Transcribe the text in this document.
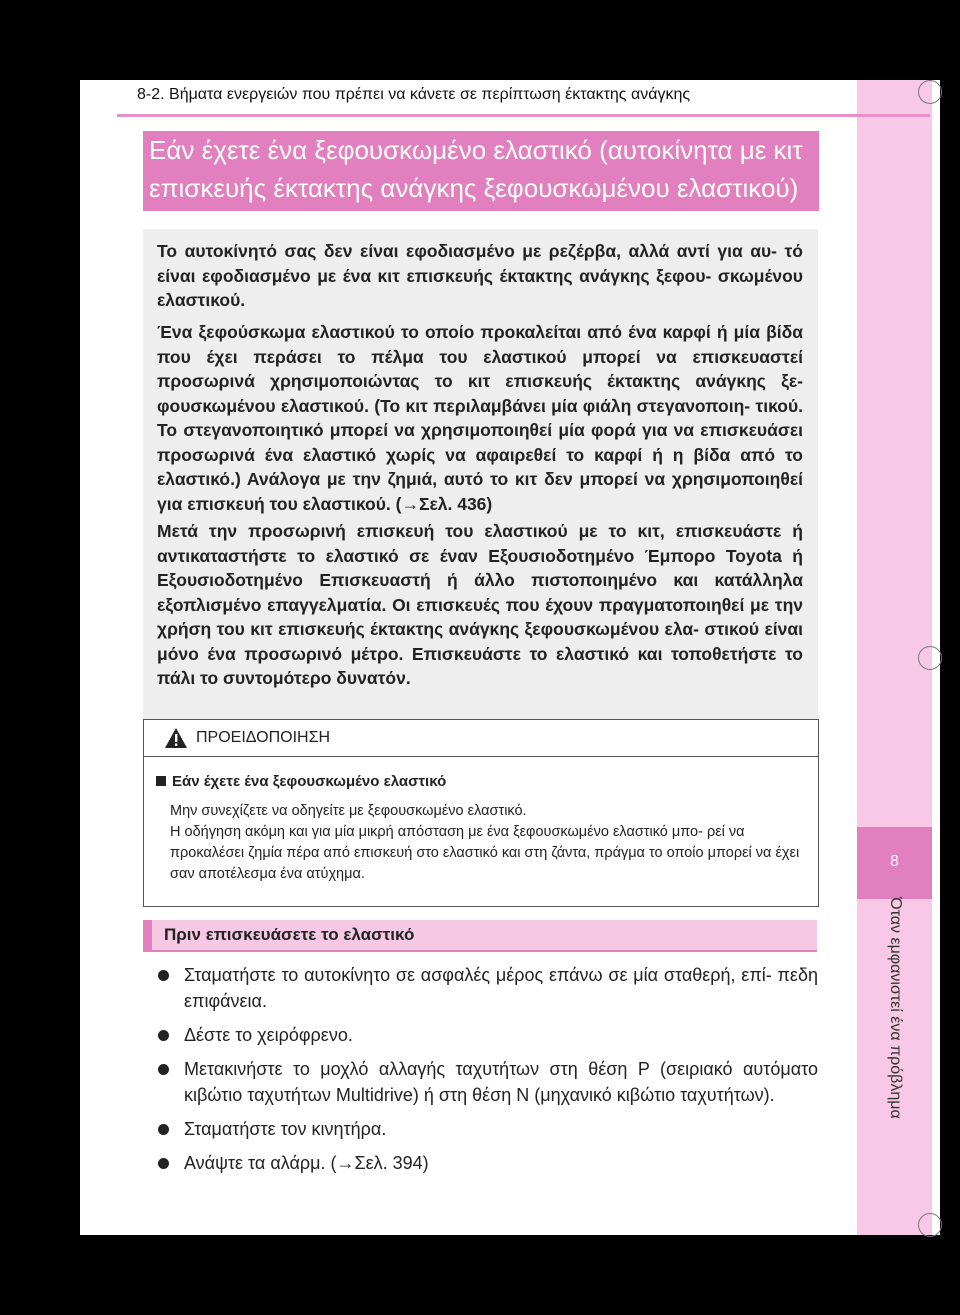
8
Όταν εμφανιστεί ένα πρόβλημα
8-2. Βήματα ενεργειών που πρέπει να κάνετε σε περίπτωση έκτακτης ανάγκης
Εάν έχετε ένα ξεφουσκωμένο ελαστικό (αυτοκίνητα με κιτ
επισκευής έκτακτης ανάγκης ξεφουσκωμένου ελαστικού)

Το αυτοκίνητό σας δεν είναι εφοδιασμένο με ρεζέρβα, αλλά αντί για αυ- τό είναι εφοδιασμένο με ένα κιτ επισκευής έκτακτης ανάγκης ξεφου- σκωμένου ελαστικού.

Ένα ξεφούσκωμα ελαστικού το οποίο προκαλείται από ένα καρφί ή μία βίδα που έχει περάσει το πέλμα του ελαστικού μπορεί να επισκευαστεί προσωρινά χρησιμοποιώντας το κιτ επισκευής έκτακτης ανάγκης ξε- φουσκωμένου ελαστικού. (Το κιτ περιλαμβάνει μία φιάλη στεγανοποιη- τικού. Το στεγανοποιητικό μπορεί να χρησιμοποιηθεί μία φορά για να επισκευάσει προσωρινά ένα ελαστικό χωρίς να αφαιρεθεί το καρφί ή η βίδα από το ελαστικό.) Ανάλογα με την ζημιά, αυτό το κιτ δεν μπορεί να χρησιμοποιηθεί για επισκευή του ελαστικού. (→Σελ. 436)

Μετά την προσωρινή επισκευή του ελαστικού με το κιτ, επισκευάστε ή αντικαταστήστε το ελαστικό σε έναν Εξουσιοδοτημένο Έμπορο Toyota ή Εξουσιοδοτημένο Επισκευαστή ή άλλο πιστοποιημένο και κατάλληλα εξοπλισμένο επαγγελματία. Οι επισκευές που έχουν πραγματοποιηθεί με την χρήση του κιτ επισκευής έκτακτης ανάγκης ξεφουσκωμένου ελα- στικού είναι μόνο ένα προσωρινό μέτρο. Επισκευάστε το ελαστικό και τοποθετήστε το πάλι το συντομότερο δυνατόν.

ΠΡΟΕΙΔΟΠΟΙΗΣΗ
Εάν έχετε ένα ξεφουσκωμένο ελαστικό
Μην συνεχίζετε να οδηγείτε με ξεφουσκωμένο ελαστικό.
Η οδήγηση ακόμη και για μία μικρή απόσταση με ένα ξεφουσκωμένο ελαστικό μπο- ρεί να προκαλέσει ζημία πέρα από επισκευή στο ελαστικό και στη ζάντα, πράγμα το οποίο μπορεί να έχει σαν αποτέλεσμα ένα ατύχημα.
Πριν επισκευάσετε το ελαστικό
Σταματήστε το αυτοκίνητο σε ασφαλές μέρος επάνω σε μία σταθερή, επί- πεδη επιφάνεια.
Δέστε το χειρόφρενο.
Μετακινήστε το μοχλό αλλαγής ταχυτήτων στη θέση P (σειριακό αυτόματο κιβώτιο ταχυτήτων Multidrive) ή στη θέση N (μηχανικό κιβώτιο ταχυτήτων).
Σταματήστε τον κινητήρα.
Ανάψτε τα αλάρμ. (→Σελ. 394)
